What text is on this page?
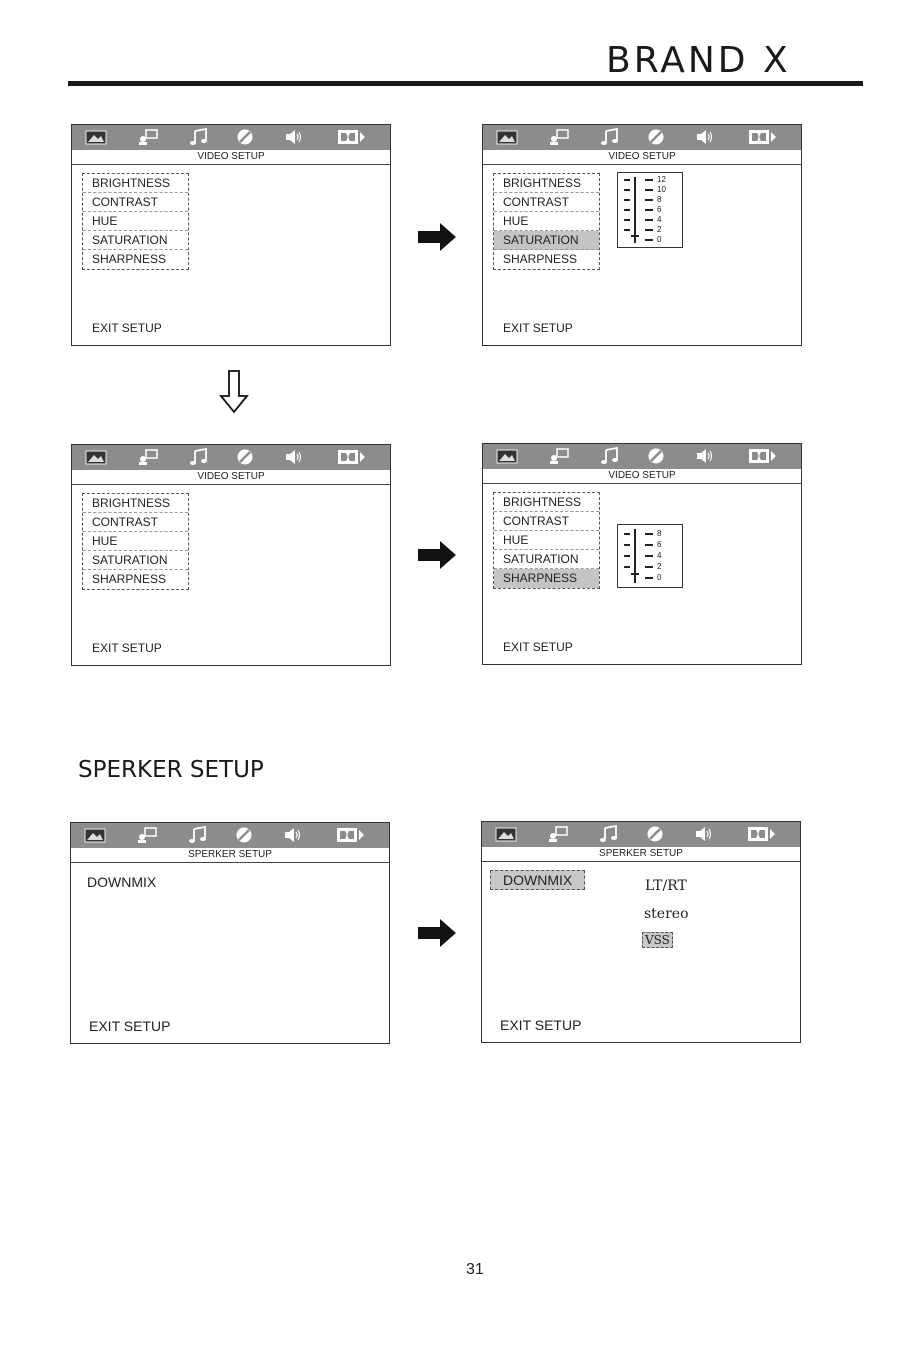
BRAND X
VIDEO SETUP
BRIGHTNESS
CONTRAST
HUE
SATURATION
SHARPNESS
EXIT SETUP
VIDEO SETUP
BRIGHTNESS
CONTRAST
HUE
SATURATION
SHARPNESS
12
10
8
6
4
2
0
EXIT SETUP
VIDEO SETUP
BRIGHTNESS
CONTRAST
HUE
SATURATION
SHARPNESS
EXIT SETUP
VIDEO SETUP
BRIGHTNESS
CONTRAST
HUE
SATURATION
SHARPNESS
8
6
4
2
0
EXIT SETUP
SPERKER SETUP
SPERKER SETUP
DOWNMIX
EXIT SETUP
SPERKER SETUP
DOWNMIX	LT/RT
stereo
VSS
EXIT SETUP
31
